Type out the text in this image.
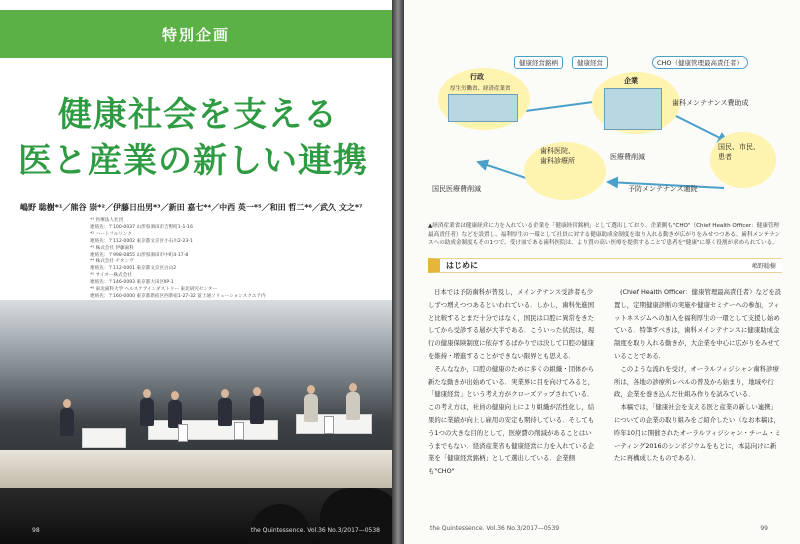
特別企画
健康社会を支える
医と産業の新しい連携
嶋野 聡樹*¹／熊谷 崇*²／伊藤日出男*³／新田 嘉七*⁴／中西 英一*⁵／和田 哲二*⁶／武久 文之*⁷
*¹ 医療法人社団
連絡先：〒100-0037 山形県酒田市吉野町1-1-16
*² ハートフルリンク
連絡先：〒112-0002 東京都文京区小石川2-23-1
*³ 株式会社 伊藤歯科
連絡先：〒998-0855 山形県酒田市中町4-17-8
*⁴ 株式会社 チタンヴ
連絡先：〒112-0001 東京都文京区白山2
*⁵ サイオー株式会社
連絡先：〒146-0093 東京都大田区ⅡP-1
*⁶ 東北歯科大学 ヘルスケアインダストリー 東北研究センター
連絡先：〒160-0000 東京都新宿区西新宿1-27-32 富士通ソリューションスクエア内
98	the Quintessence. Vol.36 No.3/2017—0538
行政
厚生労働省、経済産業省
健康経営銘柄	健康経営	CHO（健康管理最高責任者）
企業
歯科メンテナンス費助成
国民、市民、
患者
歯科医院、
歯科診療所	医療費削減
国民医療費削減	予防メンテナンス通院
▲経済産業省は健康経営に力を入れている企業を「健康経営銘柄」として選出しており、企業側も"CHO"（Chief Health Officer：健康管理最高責任者）などを設置し、福利厚生の一環として社員に対する健康助成金制度を取り入れる動きが広がりをみせつつある。歯科メンテナンスへの助成金制度もその1つで、受け皿である歯科医院は、より質の高い医療を提供することで患者を"健康"に導く役割が求められている。
はじめに	嶋野聡樹

日本では予防歯科が普及し，メインテナンス受診者も少しずつ増えつつあるといわれている．しかし，歯科先進国と比較するとまだ十分ではなく，国民は口腔に異常をきたしてから受診する層が大半である．こういった状況は，現行の健康保険制度に依存するばかりでは決して口腔の健康を維持・増進することができない限界とも思える．
　そんななか，口腔の健康のために多くの組織・団体から新たな動きが出始めている．実業界に目を向けてみると，「健康経営」という考え方がクローズアップされている．この考え方は，社員の健康向上により組織が活性化し，結果的に業績が向上し雇用の安定も期待している．そしてもう1つの大きな目的として，医療費の削減があることはいうまでもない．経済産業省も健康経営に力を入れている企業を「健康経営銘柄」として選出している．企業側も"CHO"

(Chief Health Officer：健康管理最高責任者）などを設置し，定期健康診断の実施や健康セミナーへの参加，フィットネスジムへの加入を福利厚生の一環として支援し始めている．特筆すべきは，歯科メインテナンスに健康助成金制度を取り入れる動きが，大企業を中心に広がりをみせていることである．
　このような流れを受け，オーラルフィジシャン歯科診療所は，各地の診療所レベルの普及から始まり，地域や行政，企業を巻き込んだ仕組み作りを試みている．
　本稿では，「健康社会を支える医と産業の新しい連携」についての企業の取り組みをご紹介したい（なお本稿は，昨年10月に開催されたオーラルフィジシャン・チーム・ミーティング2016のシンポジウムをもとに，本誌向けに新たに再構成したものである）．

the Quintessence. Vol.36 No.3/2017—0539	99
